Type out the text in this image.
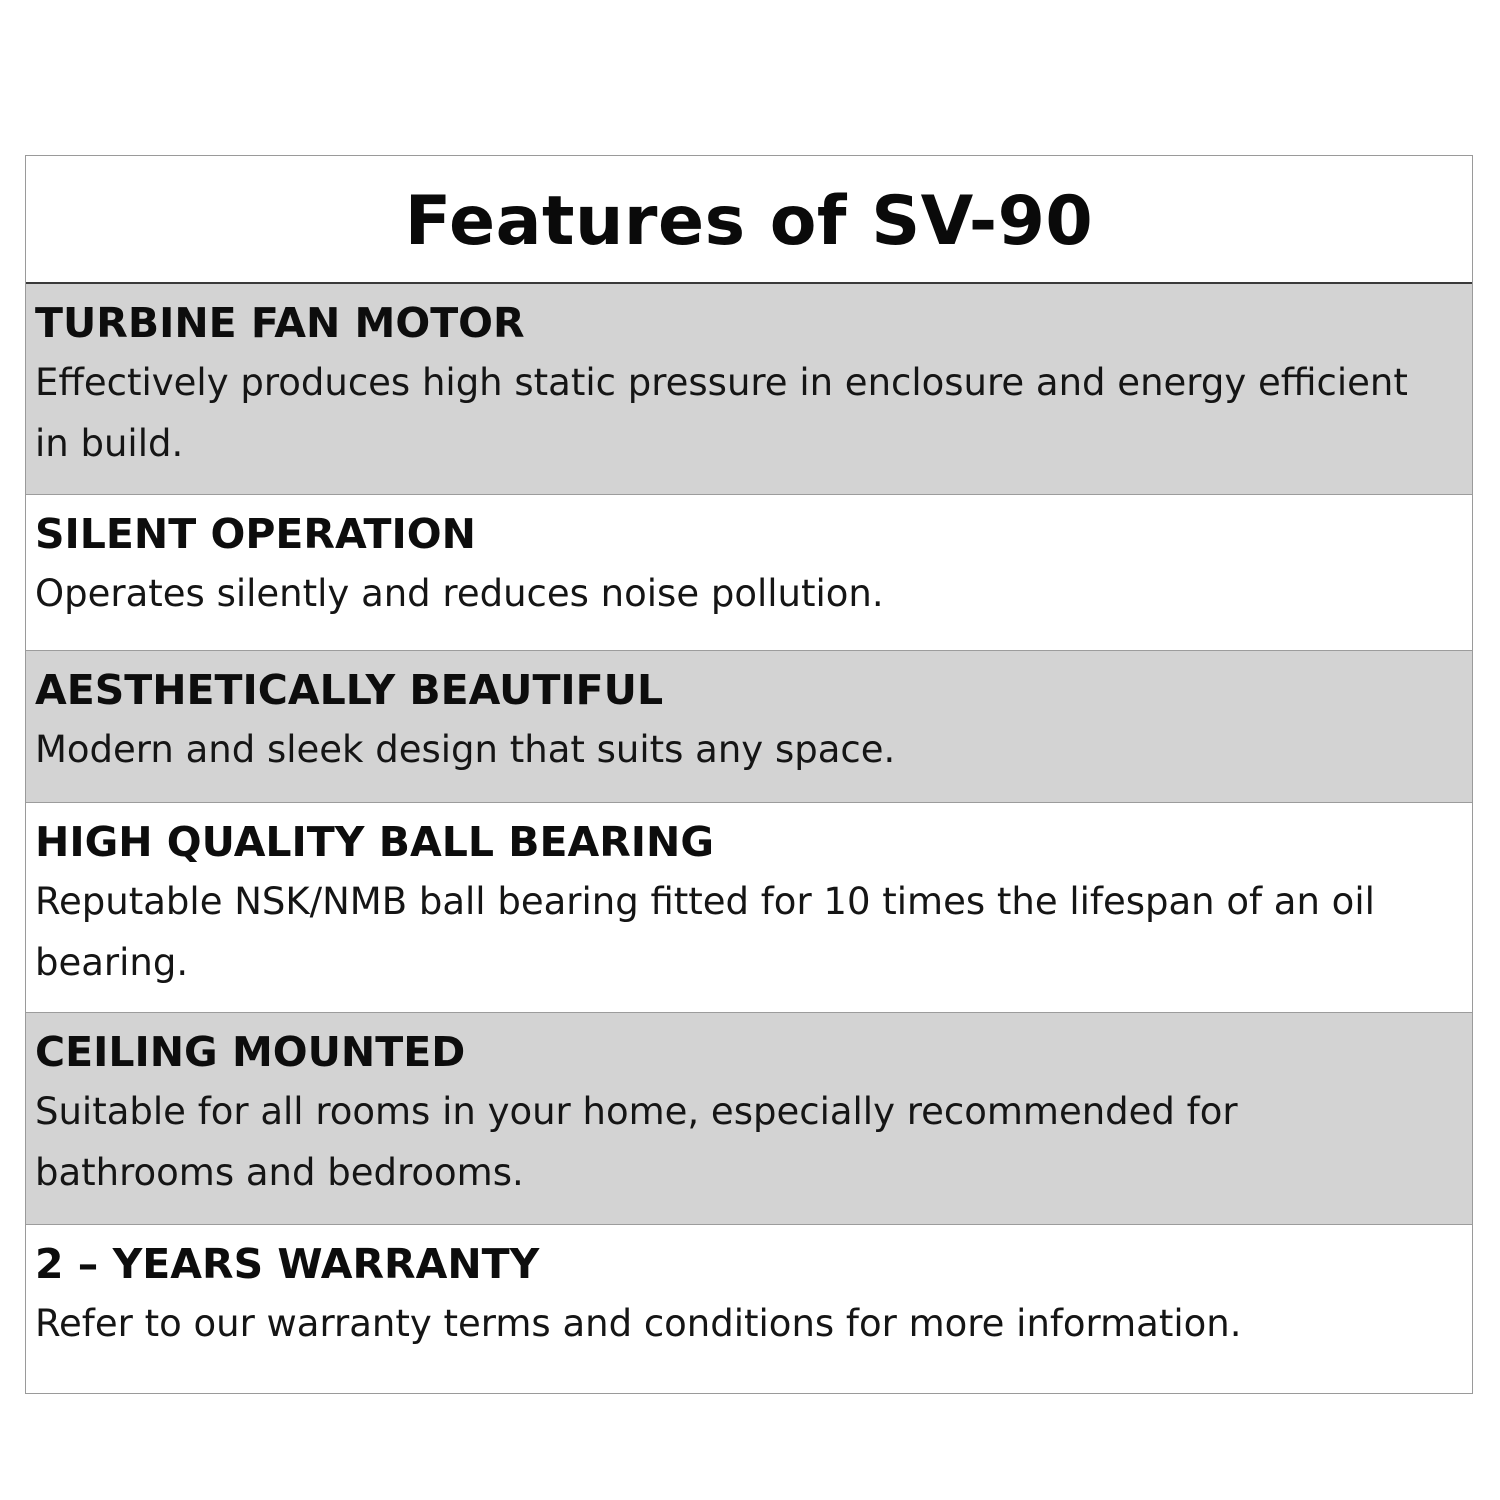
Features of SV-90
TURBINE FAN MOTOR
Effectively produces high static pressure in enclosure and energy efficient in build.
SILENT OPERATION
Operates silently and reduces noise pollution.
AESTHETICALLY BEAUTIFUL
Modern and sleek design that suits any space.
HIGH QUALITY BALL BEARING
Reputable NSK/NMB ball bearing fitted for 10 times the lifespan of an oil bearing.
CEILING MOUNTED
Suitable for all rooms in your home, especially recommended for bathrooms and bedrooms.
2 – YEARS WARRANTY
Refer to our warranty terms and conditions for more information.
